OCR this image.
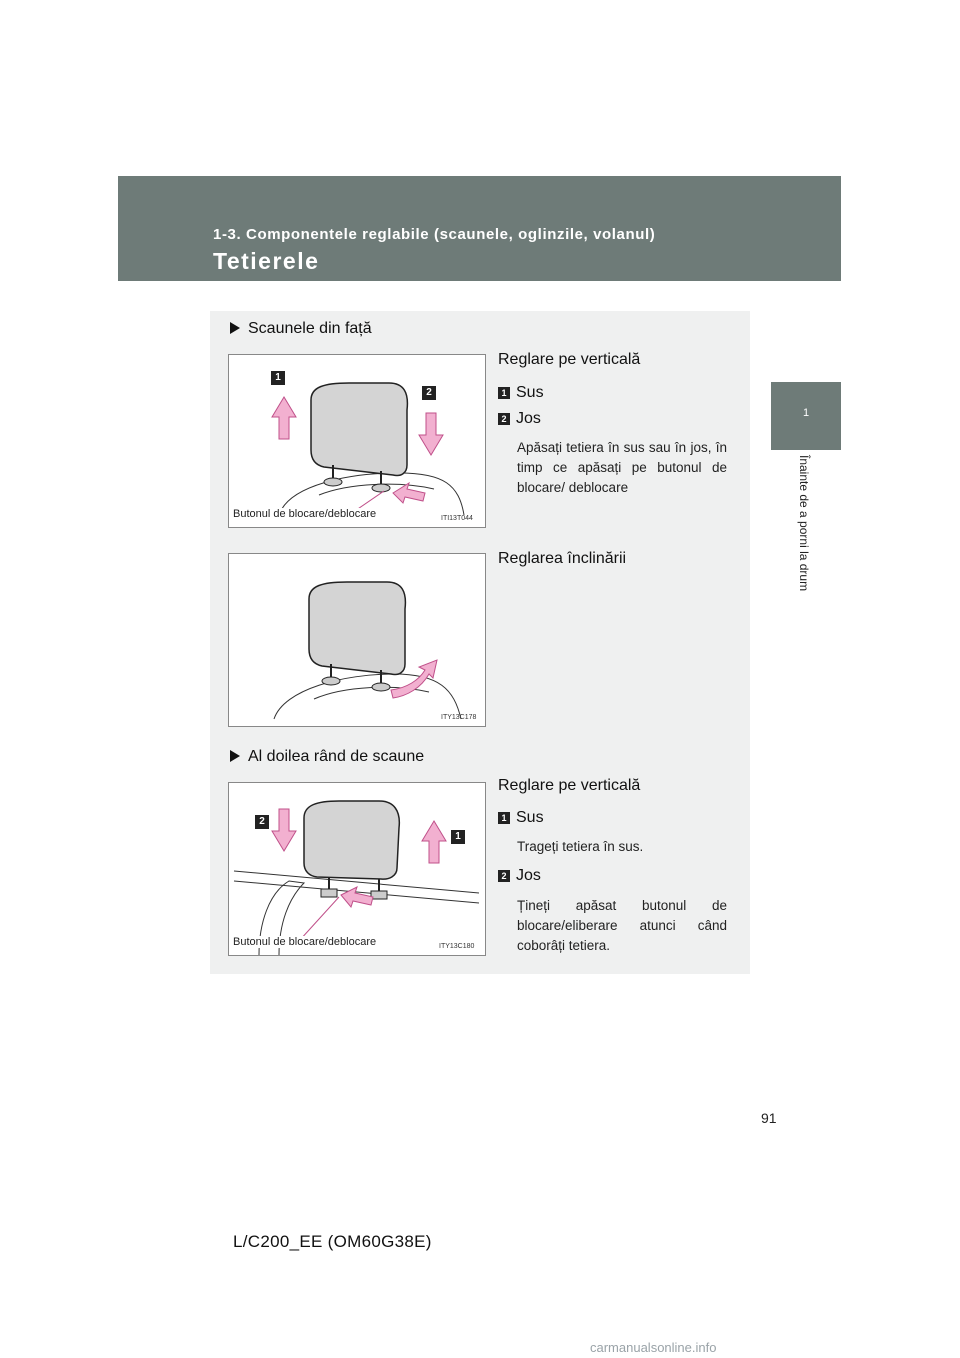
1-3. Componentele reglabile (scaunele, oglinzile, volanul)
Tetierele
1
Înainte de a porni la drum
Scaunele din față
1
2
Butonul de blocare/deblocare	ITI13T044
Reglare pe verticală
1 Sus
2 Jos
Apăsați tetiera în sus sau în jos, în timp ce apăsați pe butonul de blocare/ deblocare
ITY13C178
Reglarea înclinării
Al doilea rând de scaune
2
1
Butonul de blocare/deblocare	ITY13C180
Reglare pe verticală
1 Sus
Trageți tetiera în sus.
2 Jos
Țineți apăsat butonul de blocare/eliberare atunci când coborâți tetiera.
91
L/C200_EE (OM60G38E)
carmanualsonline.info
